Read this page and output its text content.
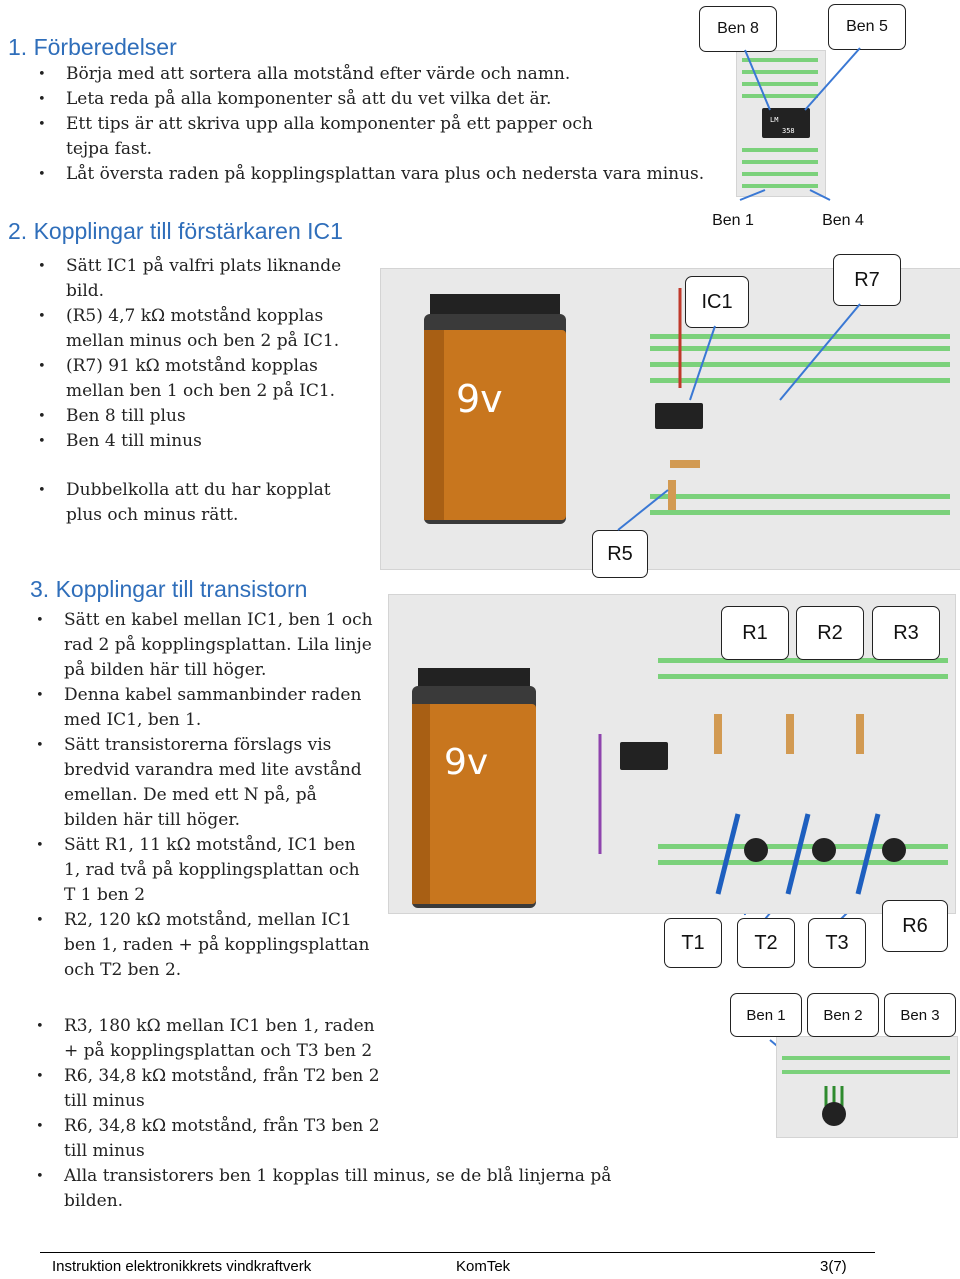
1. Förberedelser
• Börja med att sortera alla motstånd efter värde och namn.
• Leta reda på alla komponenter så att du vet vilka det är.
• Ett tips är att skriva upp alla komponenter på ett papper och tejpa fast.
• Låt översta raden på kopplingsplattan vara plus och nedersta vara minus.
LM
358
2. Kopplingar till förstärkaren IC1
• Sätt IC1 på valfri plats liknande bild.
• (R5) 4,7 kΩ motstånd kopplas mellan minus och ben 2 på IC1.
• (R7) 91 kΩ motstånd kopplas mellan ben 1 och ben 2 på IC1.
• Ben 8 till plus
• Ben 4 till minus
• Dubbelkolla att du har kopplat plus och minus rätt.
9v
Ben 8	Ben 5
Ben 1	Ben 4
IC1
R7
R5
3. Kopplingar till transistorn
• Sätt en kabel mellan IC1, ben 1 och rad 2 på kopplingsplattan. Lila linje på bilden här till höger.
• Denna kabel sammanbinder raden med IC1, ben 1.
• Sätt transistorerna förslags vis bredvid varandra med lite avstånd emellan. De med ett N på, på bilden här till höger.
• Sätt R1, 11 kΩ motstånd, IC1 ben 1, rad två på kopplingsplattan och T 1 ben 2
• R2, 120 kΩ motstånd, mellan IC1 ben 1, raden + på kopplingsplattan och T2 ben 2.
• R3, 180 kΩ mellan IC1 ben 1, raden + på kopplingsplattan och T3 ben 2
• R6, 34,8 kΩ motstånd, från T2 ben 2 till minus
• R6, 34,8 kΩ motstånd, från T3 ben 2 till minus
• Alla transistorers ben 1 kopplas till minus, se de blå linjerna på bilden.
9v
R1	R2	R3
R6
T1	T2	T3
Ben 1	Ben 2	Ben 3
Instruktion elektronikkrets vindkraftverk	KomTek	3(7)
